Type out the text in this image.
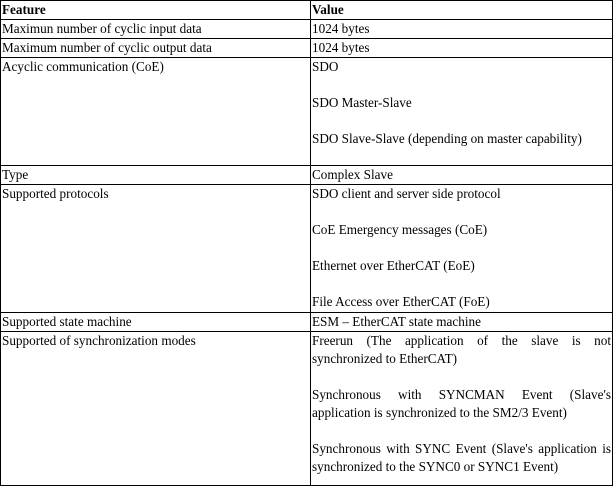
Feature	Value
Maximun number of cyclic input data	1024 bytes
Maximum number of cyclic output data	1024 bytes
Acyclic communication (CoE)	SDO

SDO Master-Slave

SDO Slave-Slave (depending on master capability)

Type	Complex Slave
Supported protocols	SDO client and server side protocol

CoE Emergency messages (CoE)

Ethernet over EtherCAT (EoE)

File Access over EtherCAT (FoE)

Supported state machine	ESM – EtherCAT state machine
Supported of synchronization modes	Freerun (The application of the slave is not synchronized to EtherCAT)

Synchronous with SYNCMAN Event (Slave's application is synchronized to the SM2/3 Event)

Synchronous with SYNC Event (Slave's application is synchronized to the SYNC0 or SYNC1 Event)
